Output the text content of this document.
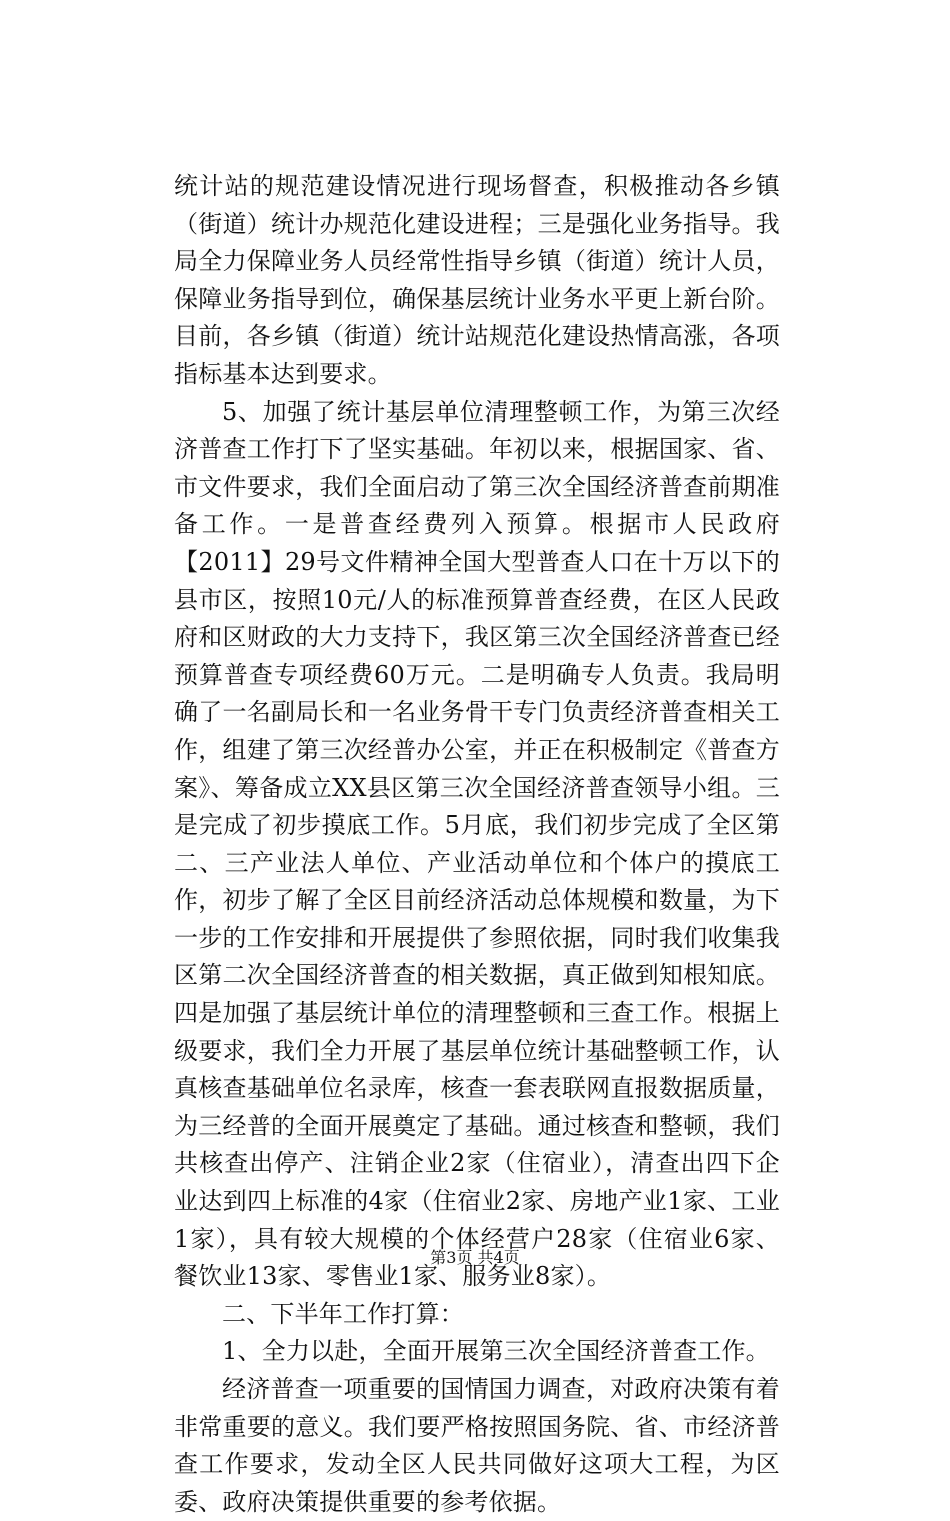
统计站的规范建设情况进行现场督查，积极推动各乡镇（街道）统计办规范化建设进程；三是强化业务指导。我局全力保障业务人员经常性指导乡镇（街道）统计人员，保障业务指导到位，确保基层统计业务水平更上新台阶。目前，各乡镇（街道）统计站规范化建设热情高涨，各项指标基本达到要求。

5、加强了统计基层单位清理整顿工作，为第三次经济普查工作打下了坚实基础。年初以来，根据国家、省、市文件要求，我们全面启动了第三次全国经济普查前期准备工作。一是普查经费列入预算。根据市人民政府【2011】29号文件精神全国大型普查人口在十万以下的县市区，按照10元/人的标准预算普查经费，在区人民政府和区财政的大力支持下，我区第三次全国经济普查已经预算普查专项经费60万元。二是明确专人负责。我局明确了一名副局长和一名业务骨干专门负责经济普查相关工作，组建了第三次经普办公室，并正在积极制定《普查方案》、筹备成立XX县区第三次全国经济普查领导小组。三是完成了初步摸底工作。5月底，我们初步完成了全区第二、三产业法人单位、产业活动单位和个体户的摸底工作，初步了解了全区目前经济活动总体规模和数量，为下一步的工作安排和开展提供了参照依据，同时我们收集我区第二次全国经济普查的相关数据，真正做到知根知底。四是加强了基层统计单位的清理整顿和三查工作。根据上级要求，我们全力开展了基层单位统计基础整顿工作，认真核查基础单位名录库，核查一套表联网直报数据质量，为三经普的全面开展奠定了基础。通过核查和整顿，我们共核查出停产、注销企业2家（住宿业），清查出四下企业达到四上标准的4家（住宿业2家、房地产业1家、工业1家），具有较大规模的个体经营户28家（住宿业6家、餐饮业13家、零售业1家、服务业8家）。

二、下半年工作打算：

1、全力以赴，全面开展第三次全国经济普查工作。

经济普查一项重要的国情国力调查，对政府决策有着非常重要的意义。我们要严格按照国务院、省、市经济普查工作要求，发动全区人民共同做好这项大工程，为区委、政府决策提供重要的参考依据。

第3页 共4页
